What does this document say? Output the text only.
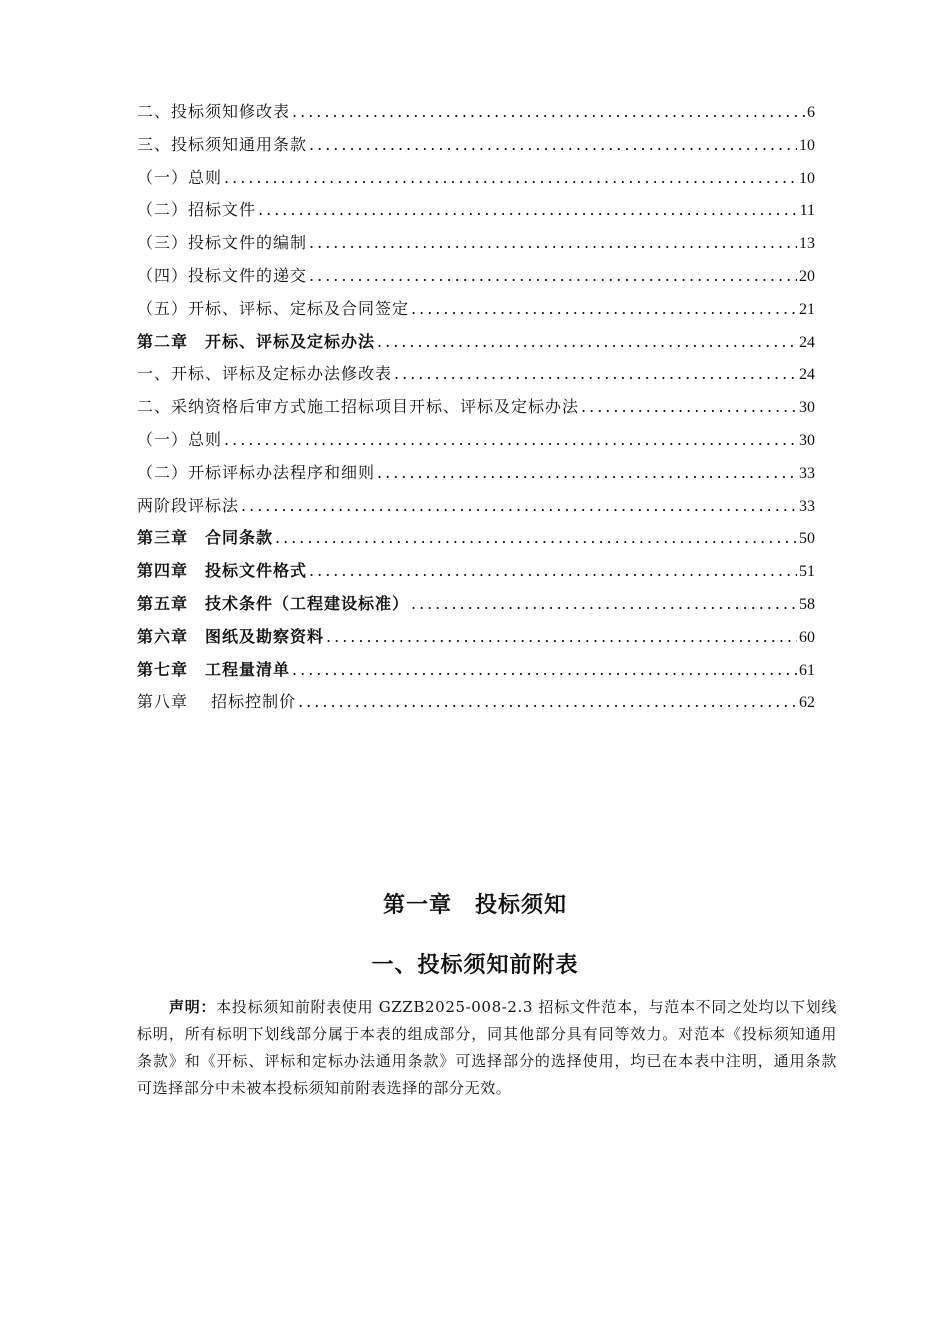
二、投标须知修改表 .....	6
三、投标须知通用条款 .....	10
（一）总则 .....	10
（二）招标文件 .....	11
（三）投标文件的编制 .....	13
（四）投标文件的递交 .....	20
（五）开标、评标、定标及合同签定 .....	21
第二章　开标、评标及定标办法 .....	24
一、开标、评标及定标办法修改表 .....	24
二、采纳资格后审方式施工招标项目开标、评标及定标办法 .....	30
（一）总则 .....	30
（二）开标评标办法程序和细则 .....	33
两阶段评标法 .....	33
第三章　合同条款 .....	50
第四章　投标文件格式 .....	51
第五章　技术条件（工程建设标准） .....	58
第六章　图纸及勘察资料 .....	60
第七章　工程量清单 .....	61
第八章　 招标控制价 .....	62
第一章　投标须知
一、投标须知前附表
声明：本投标须知前附表使用 GZZB2025-008-2.3 招标文件范本，与范本不同之处均以下划线标明，所有标明下划线部分属于本表的组成部分，同其他部分具有同等效力。对范本《投标须知通用条款》和《开标、评标和定标办法通用条款》可选择部分的选择使用，均已在本表中注明，通用条款可选择部分中未被本投标须知前附表选择的部分无效。
